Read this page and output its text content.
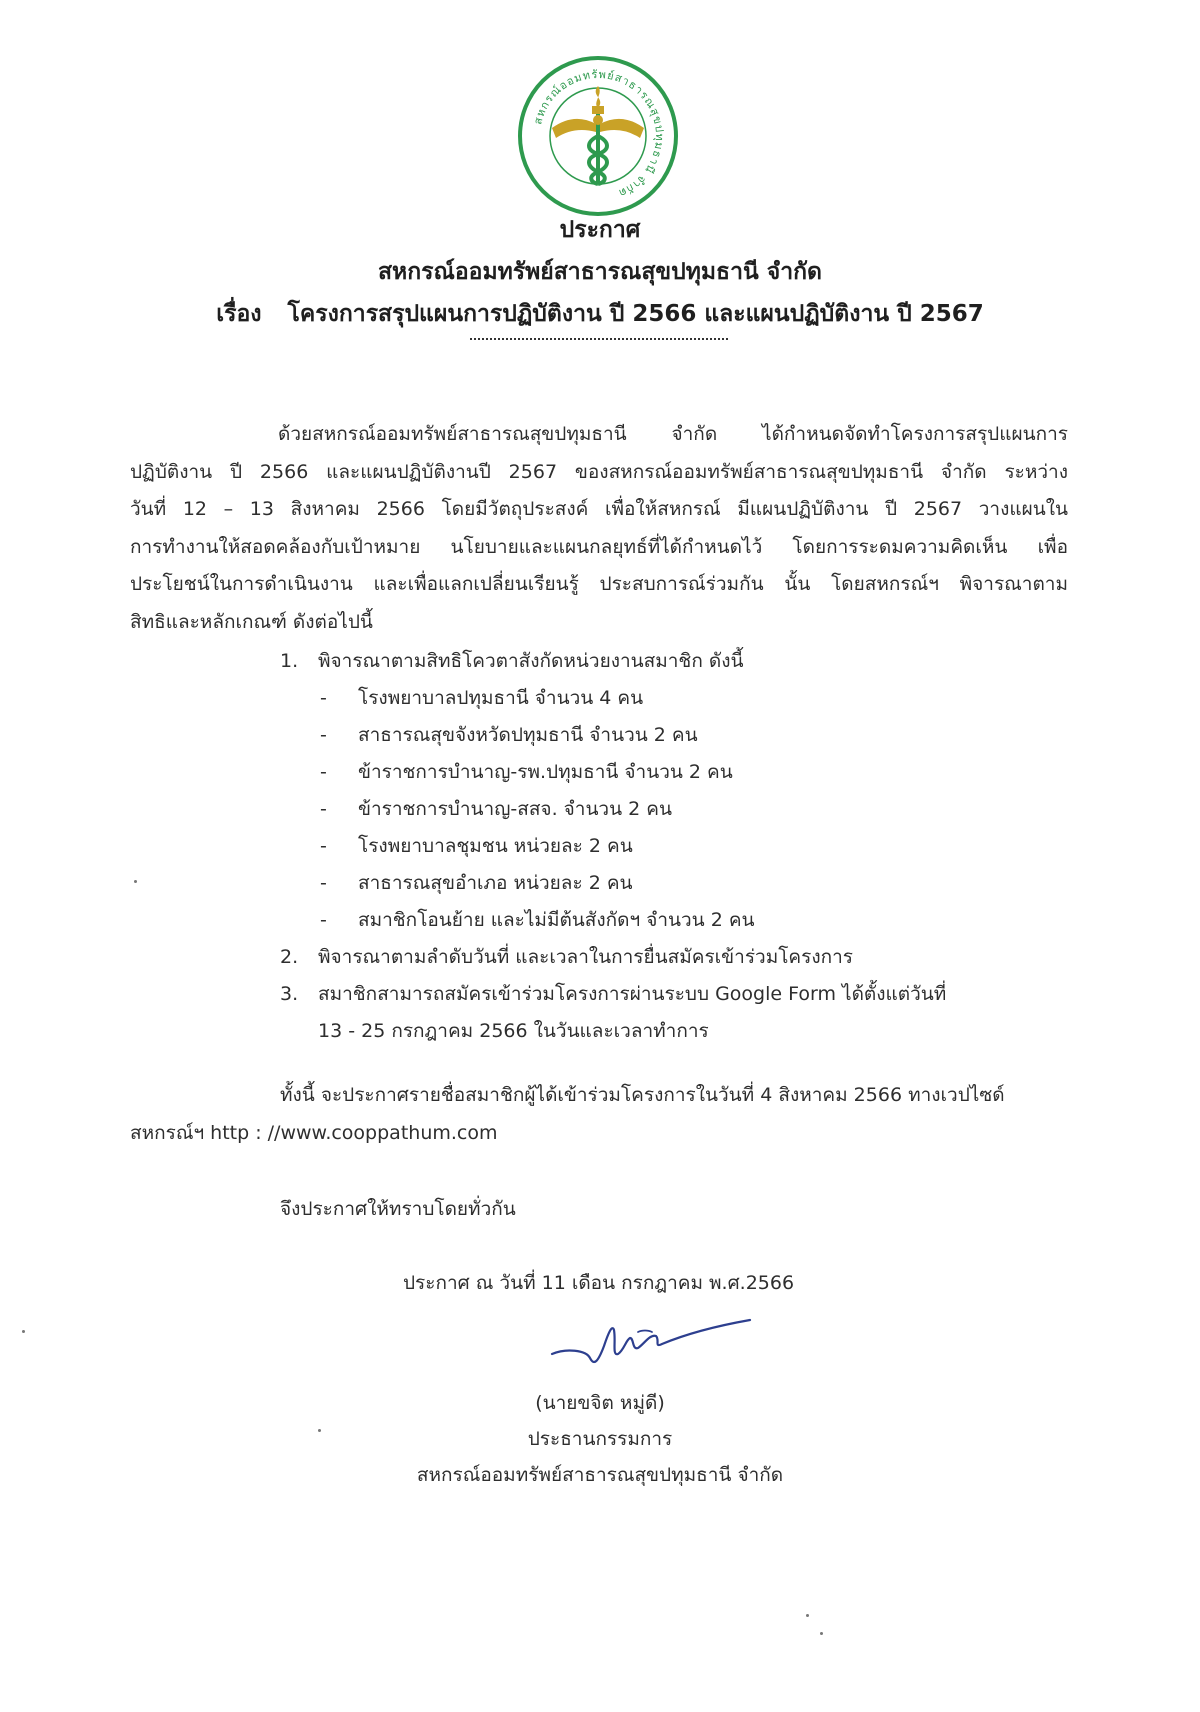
สหกรณ์ออมทรัพย์สาธารณสุขปทุมธานี จำกัด
ประกาศ
สหกรณ์ออมทรัพย์สาธารณสุขปทุมธานี จำกัด
เรื่อง โครงการสรุปแผนการปฏิบัติงาน ปี 2566 และแผนปฏิบัติงาน ปี 2567
ด้วยสหกรณ์ออมทรัพย์สาธารณสุขปทุมธานี จำกัด ได้กำหนดจัดทำโครงการสรุปแผนการ
ปฏิบัติงาน ปี 2566 และแผนปฏิบัติงานปี 2567 ของสหกรณ์ออมทรัพย์สาธารณสุขปทุมธานี จำกัด ระหว่าง
วันที่ 12 – 13 สิงหาคม 2566 โดยมีวัตถุประสงค์ เพื่อให้สหกรณ์ มีแผนปฏิบัติงาน ปี 2567 วางแผนใน
การทำงานให้สอดคล้องกับเป้าหมาย นโยบายและแผนกลยุทธ์ที่ได้กำหนดไว้ โดยการระดมความคิดเห็น เพื่อ
ประโยชน์ในการดำเนินงาน และเพื่อแลกเปลี่ยนเรียนรู้ ประสบการณ์ร่วมกัน นั้น โดยสหกรณ์ฯ พิจารณาตาม
สิทธิและหลักเกณฑ์ ดังต่อไปนี้
1. พิจารณาตามสิทธิโควตาสังกัดหน่วยงานสมาชิก ดังนี้
- โรงพยาบาลปทุมธานี จำนวน 4 คน
- สาธารณสุขจังหวัดปทุมธานี จำนวน 2 คน
- ข้าราชการบำนาญ-รพ.ปทุมธานี จำนวน 2 คน
- ข้าราชการบำนาญ-สสจ. จำนวน 2 คน
- โรงพยาบาลชุมชน หน่วยละ 2 คน
- สาธารณสุขอำเภอ หน่วยละ 2 คน
- สมาชิกโอนย้าย และไม่มีต้นสังกัดฯ จำนวน 2 คน
2. พิจารณาตามลำดับวันที่ และเวลาในการยื่นสมัครเข้าร่วมโครงการ
3. สมาชิกสามารถสมัครเข้าร่วมโครงการผ่านระบบ Google Form ได้ตั้งแต่วันที่
13 - 25 กรกฎาคม 2566 ในวันและเวลาทำการ
ทั้งนี้ จะประกาศรายชื่อสมาชิกผู้ได้เข้าร่วมโครงการในวันที่ 4 สิงหาคม 2566 ทางเวปไซด์
สหกรณ์ฯ http : //www.cooppathum.com
จึงประกาศให้ทราบโดยทั่วกัน
ประกาศ ณ วันที่ 11 เดือน กรกฎาคม พ.ศ.2566
(นายขจิต หมู่ดี)
ประธานกรรมการ
สหกรณ์ออมทรัพย์สาธารณสุขปทุมธานี จำกัด
